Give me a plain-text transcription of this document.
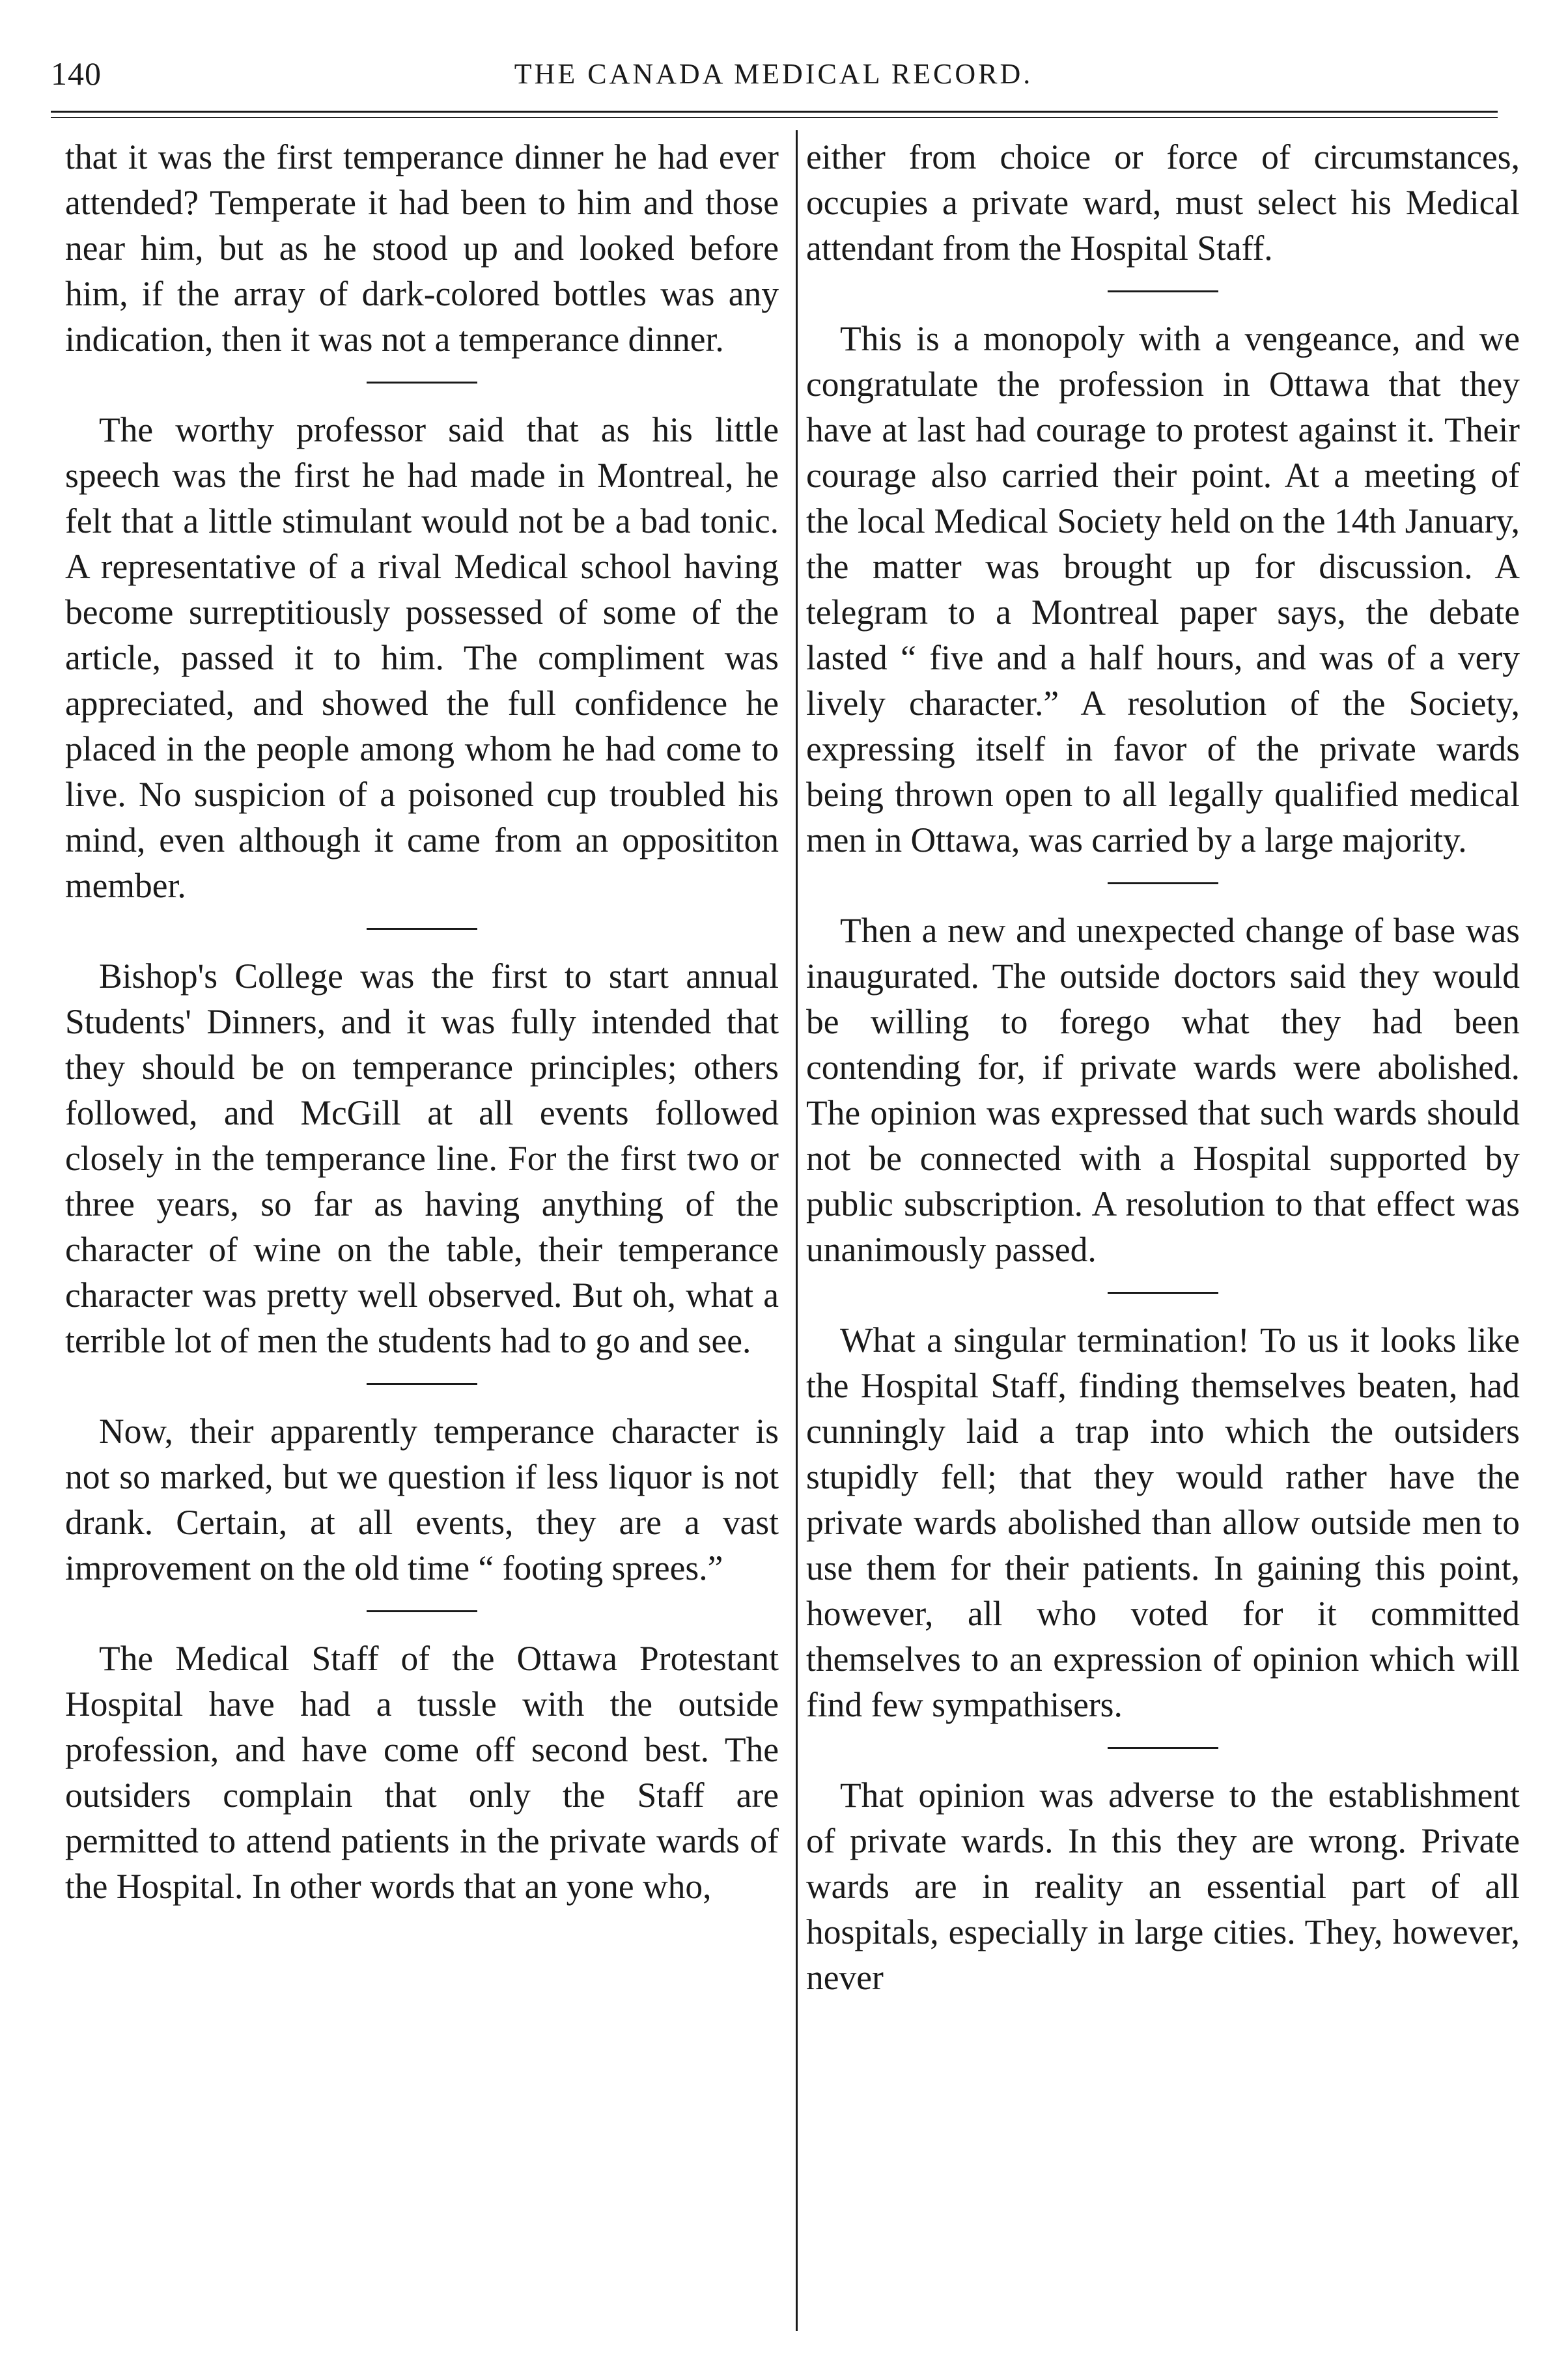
140	THE CANADA MEDICAL RECORD.

that it was the first temperance dinner he had ever attended? Temperate it had been to him and those near him, but as he stood up and looked before him, if the array of dark-colored bottles was any indication, then it was not a temperance dinner.

The worthy professor said that as his little speech was the first he had made in Montreal, he felt that a little stimulant would not be a bad tonic. A representative of a rival Medical school having become surreptitiously possessed of some of the article, passed it to him. The compliment was appreciated, and showed the full confidence he placed in the people among whom he had come to live. No suspicion of a poisoned cup troubled his mind, even although it came from an opposititon member.

Bishop's College was the first to start annual Students' Dinners, and it was fully intended that they should be on temperance principles; others followed, and McGill at all events followed closely in the temperance line. For the first two or three years, so far as having anything of the character of wine on the table, their temperance character was pretty well observed. But oh, what a terrible lot of men the students had to go and see.

Now, their apparently temperance character is not so marked, but we question if less liquor is not drank. Certain, at all events, they are a vast improvement on the old time “ footing sprees.”

The Medical Staff of the Ottawa Protestant Hospital have had a tussle with the outside profession, and have come off second best. The outsiders complain that only the Staff are permitted to attend patients in the private wards of the Hospital. In other words that an yone who,

either from choice or force of circumstances, occupies a private ward, must select his Medical attendant from the Hospital Staff.

This is a monopoly with a vengeance, and we congratulate the profession in Ottawa that they have at last had courage to protest against it. Their courage also carried their point. At a meeting of the local Medical Society held on the 14th January, the matter was brought up for discussion. A telegram to a Montreal paper says, the debate lasted “ five and a half hours, and was of a very lively character.” A resolution of the Society, expressing itself in favor of the private wards being thrown open to all legally qualified medical men in Ottawa, was carried by a large majority.

Then a new and unexpected change of base was inaugurated. The outside doctors said they would be willing to forego what they had been contending for, if private wards were abolished. The opinion was expressed that such wards should not be connected with a Hospital supported by public subscription. A resolution to that effect was unanimously passed.

What a singular termination! To us it looks like the Hospital Staff, finding themselves beaten, had cunningly laid a trap into which the outsiders stupidly fell; that they would rather have the private wards abolished than allow outside men to use them for their patients. In gaining this point, however, all who voted for it committed themselves to an expression of opinion which will find few sympathisers.

That opinion was adverse to the establishment of private wards. In this they are wrong. Private wards are in reality an essential part of all hospitals, especially in large cities. They, however, never
